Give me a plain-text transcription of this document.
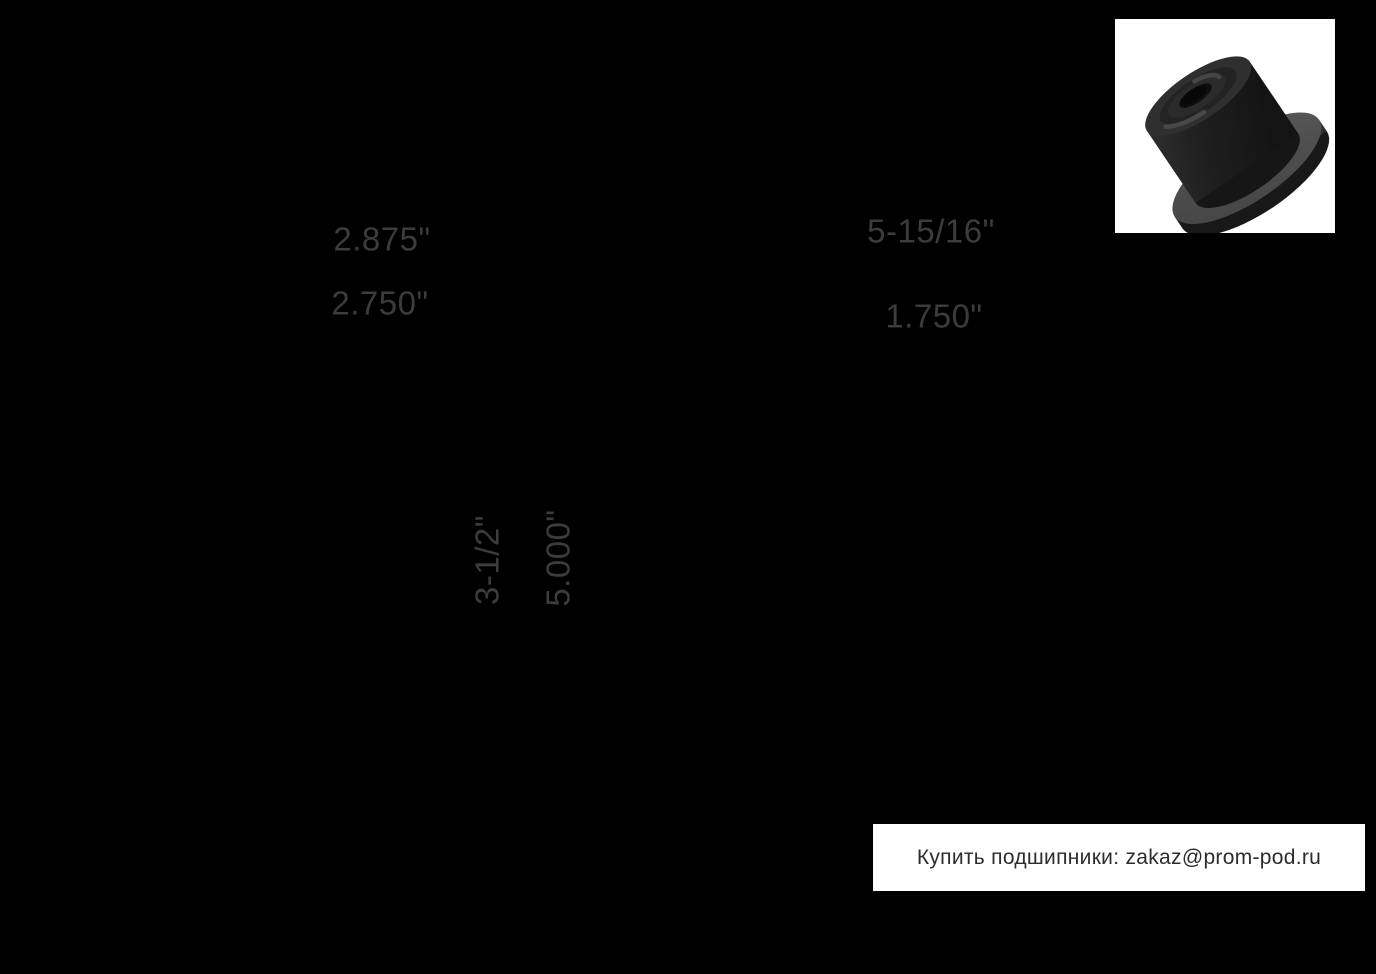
2.875"
2.750"
5-15/16"
1.750"
3-1/2" 5.000"
Купить подшипники: zakaz@prom-pod.ru
